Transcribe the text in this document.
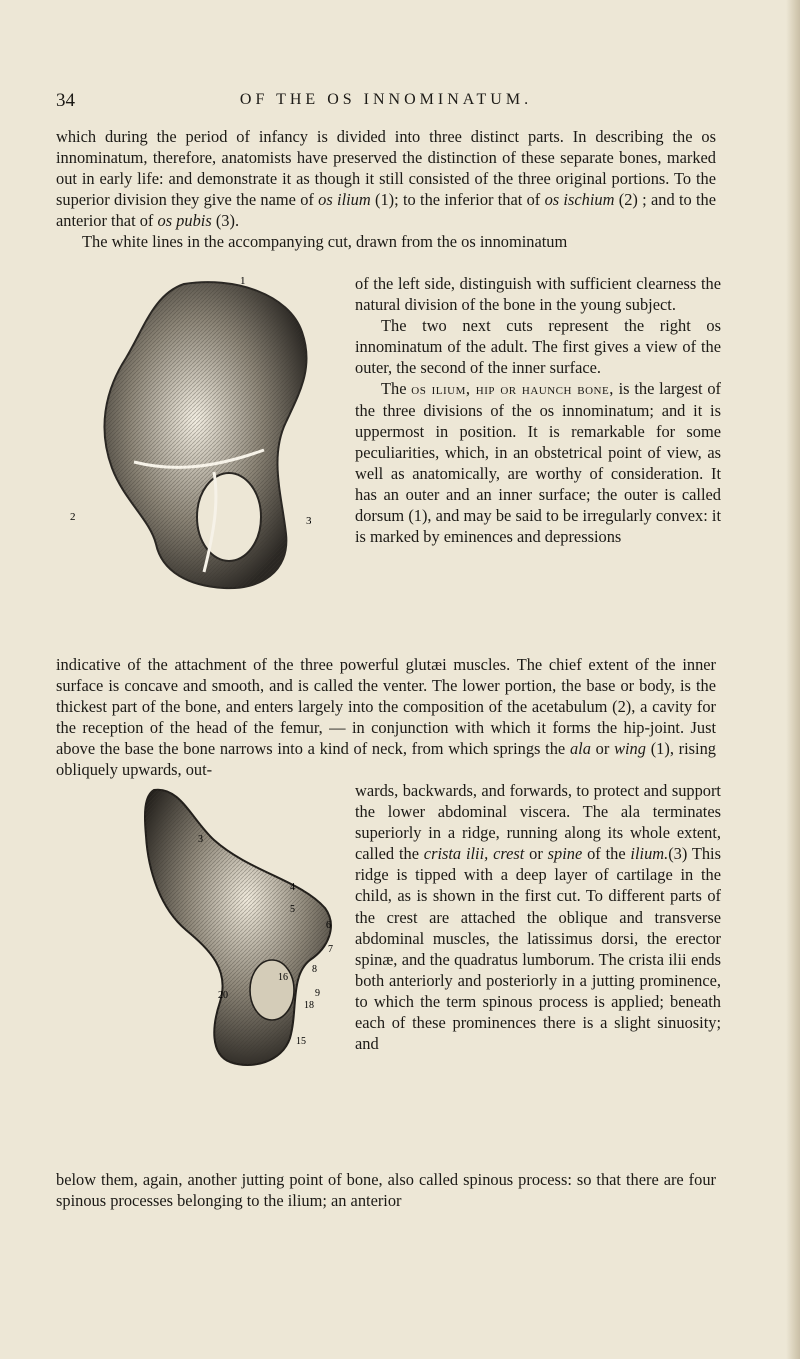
34	OF THE OS INNOMINATUM.

which during the period of infancy is divided into three distinct parts. In describing the os innominatum, therefore, anatomists have preserved the distinction of these separate bones, marked out in early life: and demonstrate it as though it still consisted of the three original portions. To the superior division they give the name of os ilium (1); to the inferior that of os ischium (2) ; and to the anterior that of os pubis (3).

The white lines in the accompanying cut, drawn from the os innominatum

1
2	3

of the left side, distinguish with sufficient clearness the natural division of the bone in the young subject.

The two next cuts represent the right os innominatum of the adult. The first gives a view of the outer, the second of the inner surface.

The os ilium, hip or haunch bone, is the largest of the three divisions of the os innominatum; and it is uppermost in position. It is remarkable for some peculiarities, which, in an obstetrical point of view, as well as anatomically, are worthy of consideration. It has an outer and an inner surface; the outer is called dorsum (1), and may be said to be irregularly convex: it is marked by eminences and depressions

indicative of the attachment of the three powerful glutæi muscles. The chief extent of the inner surface is concave and smooth, and is called the venter. The lower portion, the base or body, is the thickest part of the bone, and enters largely into the composition of the acetabulum (2), a cavity for the reception of the head of the femur, — in conjunction with which it forms the hip-joint. Just above the base the bone narrows into a kind of neck, from which springs the ala or wing (1), rising obliquely upwards, out-

3
4
5
6
7
8
9
16
18
20
15

wards, backwards, and forwards, to protect and support the lower abdominal viscera. The ala terminates superiorly in a ridge, running along its whole extent, called the crista ilii, crest or spine of the ilium.(3) This ridge is tipped with a deep layer of cartilage in the child, as is shown in the first cut. To different parts of the crest are attached the oblique and transverse abdominal muscles, the latissimus dorsi, the erector spinæ, and the quadratus lumborum. The crista ilii ends both anteriorly and posteriorly in a jutting prominence, to which the term spinous process is applied; beneath each of these prominences there is a slight sinuosity; and

below them, again, another jutting point of bone, also called spinous process: so that there are four spinous processes belonging to the ilium; an anterior
